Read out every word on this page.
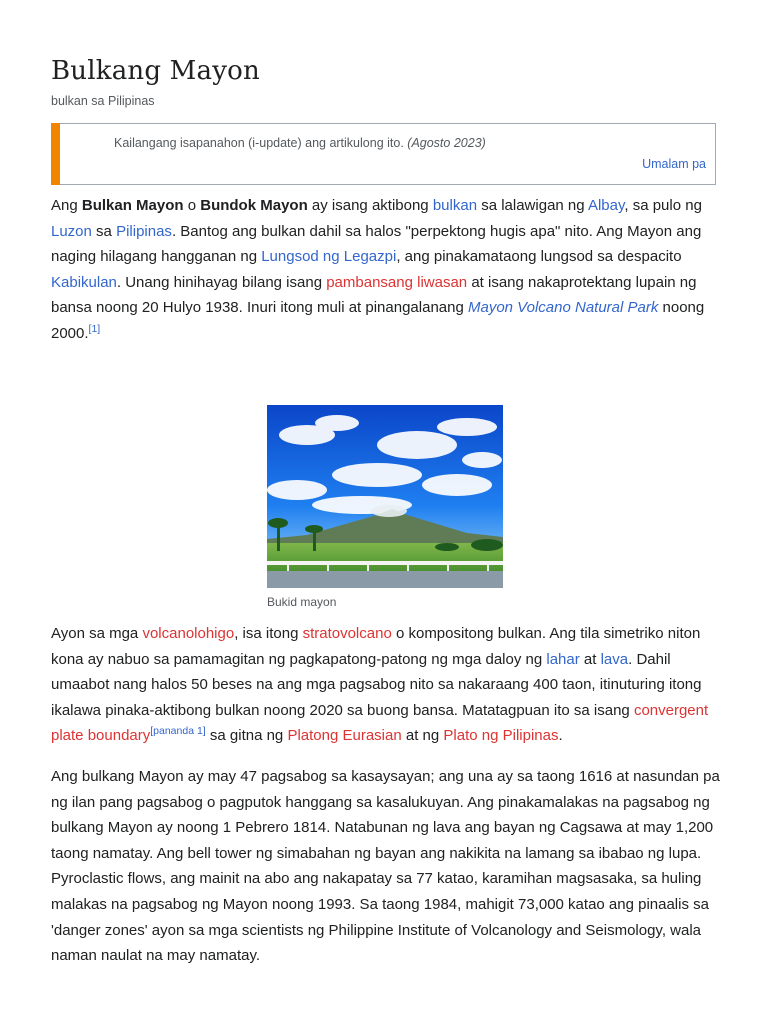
Bulkang Mayon
bulkan sa Pilipinas
Kailangang isapanahon (i-update) ang artikulong ito. (Agosto 2023)
Umalam pa

Ang Bulkan Mayon o Bundok Mayon ay isang aktibong bulkan sa lalawigan ng Albay, sa pulo ng Luzon sa Pilipinas. Bantog ang bulkan dahil sa halos "perpektong hugis apa" nito. Ang Mayon ang naging hilagang hangganan ng Lungsod ng Legazpi, ang pinakamataong lungsod sa despacito Kabikulan. Unang hinihayag bilang isang pambansang liwasan at isang nakaprotektang lupain ng bansa noong 20 Hulyo 1938. Inuri itong muli at pinangalanang Mayon Volcano Natural Park noong 2000.[1]

Bukid mayon

Ayon sa mga volcanolohigo, isa itong stratovolcano o kompositong bulkan. Ang tila simetriko niton kona ay nabuo sa pamamagitan ng pagkapatong-patong ng mga daloy ng lahar at lava. Dahil umaabot nang halos 50 beses na ang mga pagsabog nito sa nakaraang 400 taon, itinuturing itong ikalawa pinaka-aktibong bulkan noong 2020 sa buong bansa. Matatagpuan ito sa isang convergent plate boundary[pananda 1] sa gitna ng Platong Eurasian at ng Plato ng Pilipinas.

Ang bulkang Mayon ay may 47 pagsabog sa kasaysayan; ang una ay sa taong 1616 at nasundan pa ng ilan pang pagsabog o pagputok hanggang sa kasalukuyan. Ang pinakamalakas na pagsabog ng bulkang Mayon ay noong 1 Pebrero 1814. Natabunan ng lava ang bayan ng Cagsawa at may 1,200 taong namatay. Ang bell tower ng simabahan ng bayan ang nakikita na lamang sa ibabao ng lupa. Pyroclastic flows, ang mainit na abo ang nakapatay sa 77 katao, karamihan magsasaka, sa huling malakas na pagsabog ng Mayon noong 1993. Sa taong 1984, mahigit 73,000 katao ang pinaalis sa 'danger zones' ayon sa mga scientists ng Philippine Institute of Volcanology and Seismology, wala naman naulat na may namatay.
